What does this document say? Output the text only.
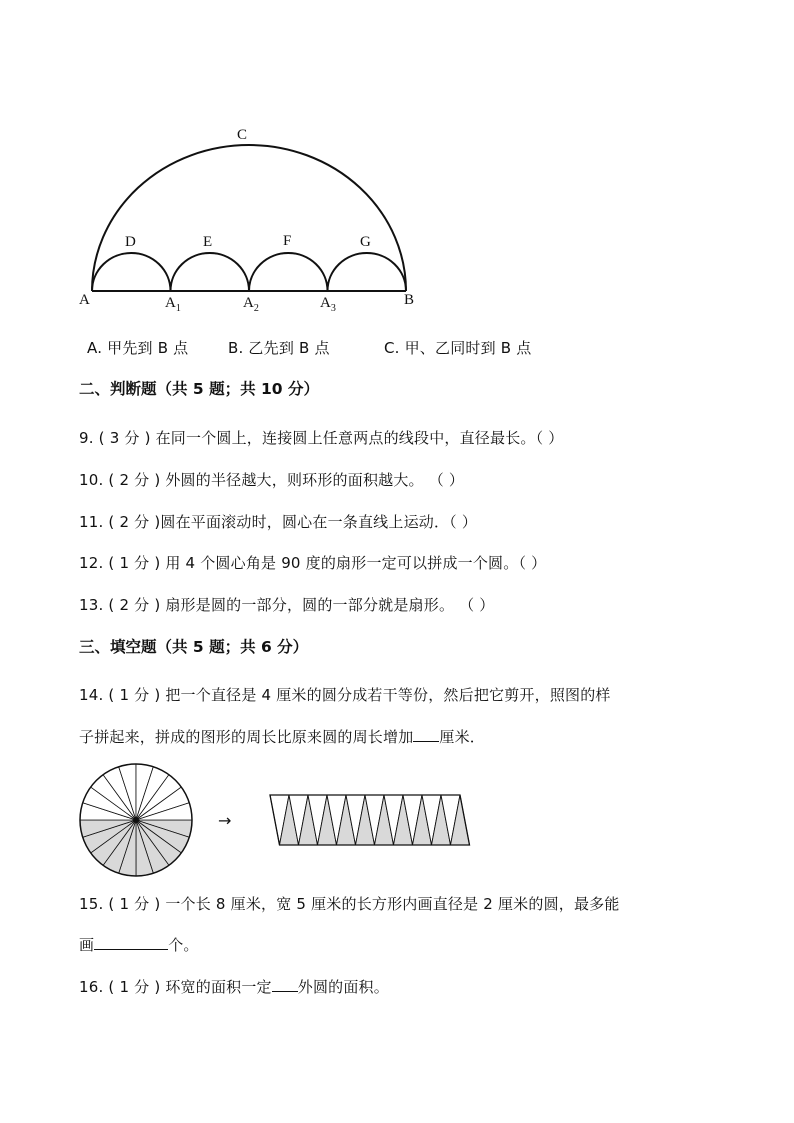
C
D	E	F	G
A	$A_1$	$A_2$	$A_3$
B
A. 甲先到 B 点	B. 乙先到 B 点	C. 甲、乙同时到 B 点
二、判断题（共 5 题；共 10 分）
9. ( 3 分 ) 在同一个圆上，连接圆上任意两点的线段中，直径最长。（ ）
10. ( 2 分 ) 外圆的半径越大，则环形的面积越大。 （ ）
11. ( 2 分 )圆在平面滚动时，圆心在一条直线上运动．（ ）
12. ( 1 分 ) 用 4 个圆心角是 90 度的扇形一定可以拼成一个圆。（ ）
13. ( 2 分 ) 扇形是圆的一部分，圆的一部分就是扇形。 （ ）
三、填空题（共 5 题；共 6 分）
14. ( 1 分 ) 把一个直径是 4 厘米的圆分成若干等份，然后把它剪开，照图的样
子拼起来，拼成的图形的周长比原来圆的周长增加 厘米．
→
15. ( 1 分 ) 一个长 8 厘米，宽 5 厘米的长方形内画直径是 2 厘米的圆，最多能
画	个。
16. ( 1 分 ) 环宽的面积一定 外圆的面积。
